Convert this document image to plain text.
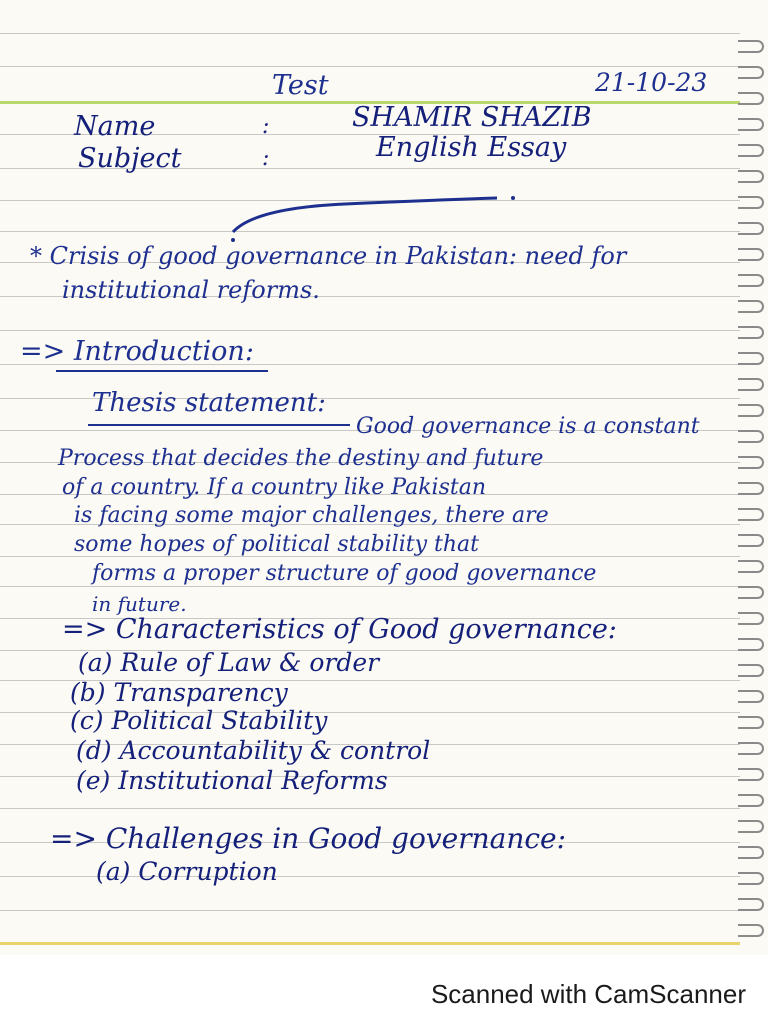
Test	21-10-23
Name	:	SHAMIR SHAZIB
Subject	:	English Essay
* Crisis of good governance in Pakistan: need for
institutional reforms.
=> Introduction:
Thesis statement:
Good governance is a constant
Process that decides the destiny and future
of a country. If a country like Pakistan
is facing some major challenges, there are
some hopes of political stability that
forms a proper structure of good governance
in future.
=> Characteristics of Good governance:
(a) Rule of Law & order
(b) Transparency
(c) Political Stability
(d) Accountability & control
(e) Institutional Reforms
=> Challenges in Good governance:
(a) Corruption
Scanned with CamScanner
